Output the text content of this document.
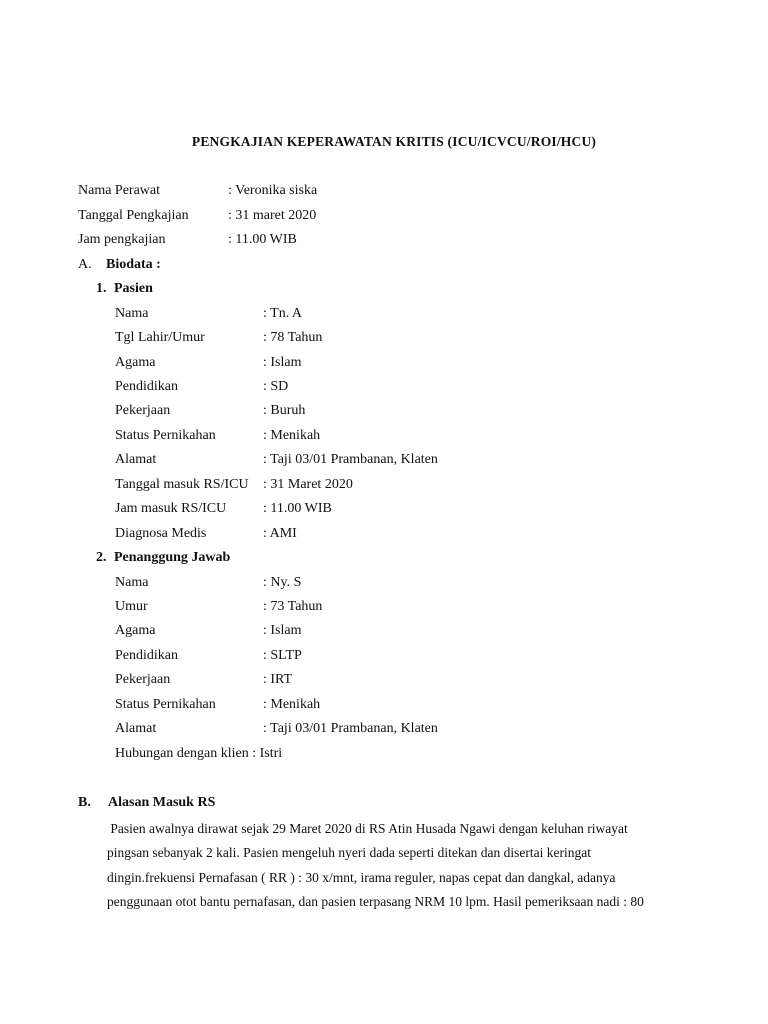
PENGKAJIAN KEPERAWATAN KRITIS (ICU/ICVCU/ROI/HCU)
Nama Perawat	: Veronika siska
Tanggal Pengkajian	: 31 maret 2020
Jam pengkajian	: 11.00 WIB
A. Biodata :
1. Pasien
Nama	: Tn. A
Tgl Lahir/Umur	: 78 Tahun
Agama	: Islam
Pendidikan	: SD
Pekerjaan	: Buruh
Status Pernikahan	: Menikah
Alamat	: Taji 03/01 Prambanan, Klaten
Tanggal masuk RS/ICU : 31 Maret 2020
Jam masuk RS/ICU	: 11.00 WIB
Diagnosa Medis	: AMI
2. Penanggung Jawab
Nama	: Ny. S
Umur	: 73 Tahun
Agama	: Islam
Pendidikan	: SLTP
Pekerjaan	: IRT
Status Pernikahan	: Menikah
Alamat	: Taji 03/01 Prambanan, Klaten
Hubungan dengan klien : Istri
B. Alasan Masuk RS
Pasien awalnya dirawat sejak 29 Maret 2020 di RS Atin Husada Ngawi dengan keluhan riwayat
pingsan sebanyak 2 kali. Pasien mengeluh nyeri dada seperti ditekan dan disertai keringat
dingin.frekuensi Pernafasan ( RR ) : 30 x/mnt, irama reguler, napas cepat dan dangkal, adanya
penggunaan otot bantu pernafasan, dan pasien terpasang NRM 10 lpm. Hasil pemeriksaan nadi : 80
